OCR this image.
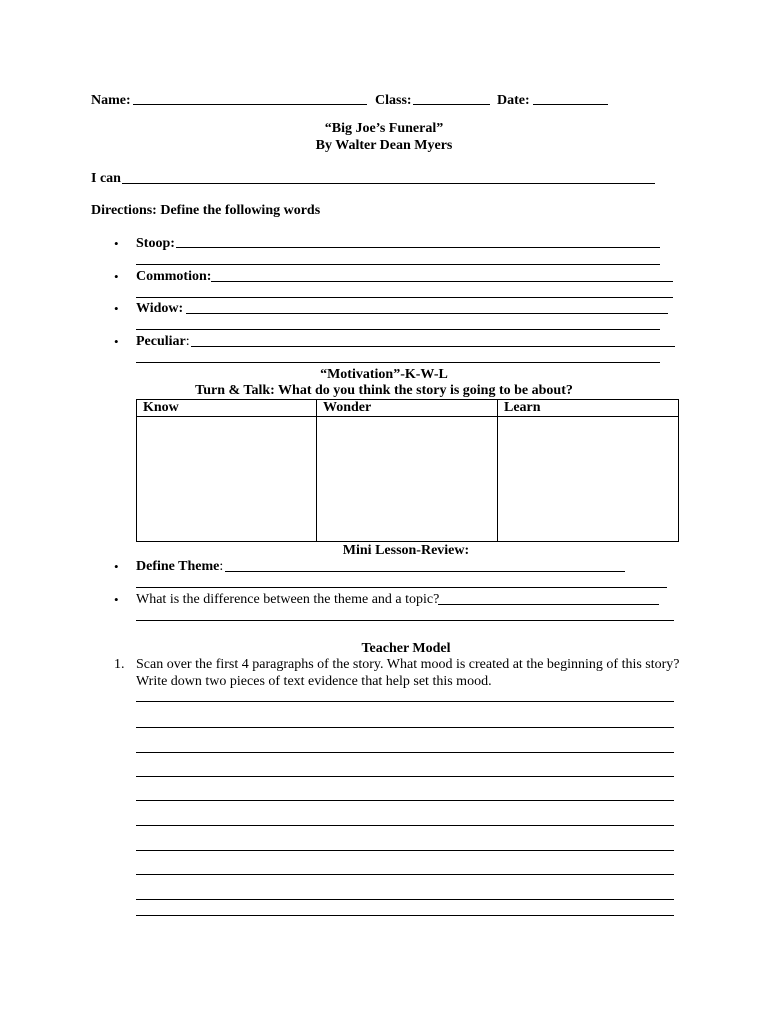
Name:	Class:	Date:
“Big Joe’s Funeral”
By Walter Dean Myers
I can
Directions: Define the following words
• Stoop:
• Commotion:
• Widow:
• Peculiar:
“Motivation”-K-W-L
Turn & Talk: What do you think the story is going to be about?
Know	Wonder	Learn

Mini Lesson-Review:
• Define Theme:
• What is the difference between the theme and a topic?
Teacher Model
1. Scan over the first 4 paragraphs of the story. What mood is created at the beginning of this story?
Write down two pieces of text evidence that help set this mood.
